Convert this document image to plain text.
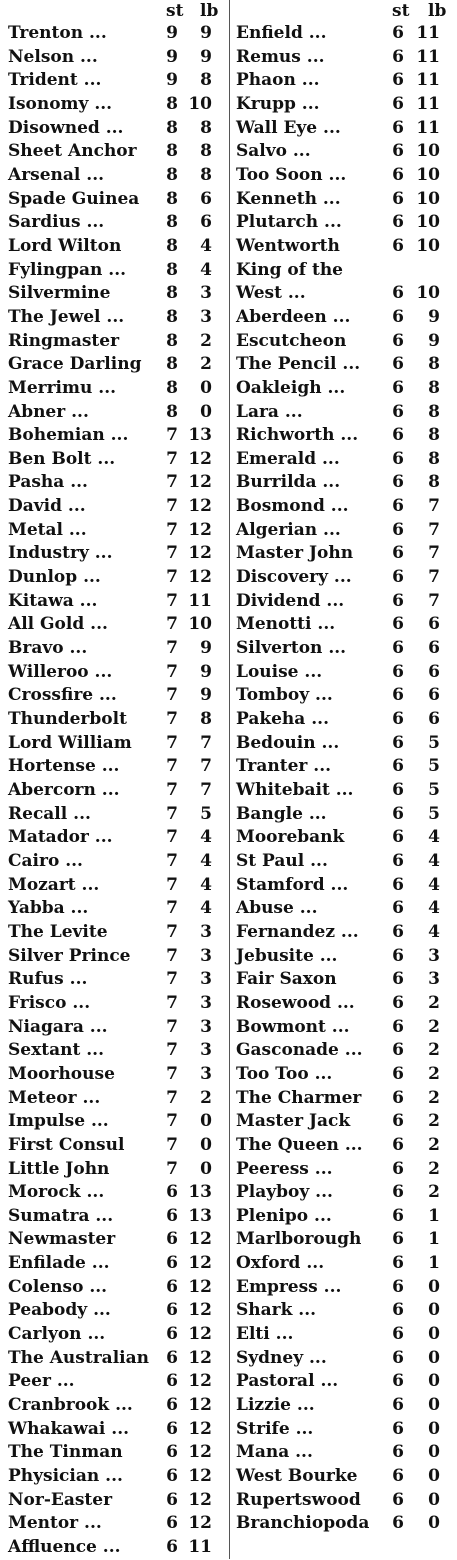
st lb
Trenton ...	9	9
Nelson ...	9	9
Trident ...	9	8
Isonomy ...	8 10
Disowned ...	8	8
Sheet Anchor 8	8
Arsenal ...	8	8
Spade Guinea 8	6
Sardius ...	8	6
Lord Wilton	8	4
Fylingpan ... 8	4
Silvermine	8	3
The Jewel ... 8	3
Ringmaster	8	2
Grace Darling 8	2
Merrimu ...	8	0
Abner ...	8	0
Bohemian ... 7 13
Ben Bolt ...	7 12
Pasha ...	7 12
David ...	7 12
Metal ...	7 12
Industry ...	7 12
Dunlop ...	7 12
Kitawa ...	7 11
All Gold ...	7 10
Bravo ...	7	9
Willeroo ...	7	9
Crossfire ...	7	9
Thunderbolt 7	8
Lord William 7	7
Hortense ...	7	7
Abercorn ...	7	7
Recall ...	7	5
Matador ...	7	4
Cairo ...	7	4
Mozart ...	7	4
Yabba ...	7	4
The Levite	7	3
Silver Prince 7	3
Rufus ...	7	3
Frisco ...	7	3
Niagara ...	7	3
Sextant ...	7	3
Moorhouse	7	3
Meteor ...	7	2
Impulse ...	7	0
First Consul 7	0
Little John	7	0
Morock ...	6 13
Sumatra ...	6 13
Newmaster	6 12
Enfilade ...	6 12
Colenso ...	6 12
Peabody ...	6 12
Carlyon ...	6 12
The Australian 6 12
Peer ...	6 12
Cranbrook ... 6 12
Whakawai ... 6 12
The Tinman	6 12
Physician ...	6 12
Nor-Easter	6 12
Mentor ...	6 12
Affluence ...	6 11
st lb
Enfield ...	6 11
Remus ...	6 11
Phaon ...	6 11
Krupp ...	6 11
Wall Eye ...	6 11
Salvo ...	6 10
Too Soon ...	6 10
Kenneth ...	6 10
Plutarch ...	6 10
Wentworth	6 10
King of the
West ...	6 10
Aberdeen ... 6	9
Escutcheon	6	9
The Pencil ... 6	8
Oakleigh ...	6	8
Lara ...	6	8
Richworth ... 6	8
Emerald ...	6	8
Burrilda ...	6	8
Bosmond ...	6	7
Algerian ...	6	7
Master John 6	7
Discovery ... 6	7
Dividend ...	6	7
Menotti ...	6	6
Silverton ...	6	6
Louise ...	6	6
Tomboy ...	6	6
Pakeha ...	6	6
Bedouin ...	6	5
Tranter ...	6	5
Whitebait ... 6	5
Bangle ...	6	5
Moorebank	6	4
St Paul ...	6	4
Stamford ...	6	4
Abuse ...	6	4
Fernandez ... 6	4
Jebusite ...	6	3
Fair Saxon	6	3
Rosewood ... 6	2
Bowmont ...	6	2
Gasconade ... 6	2
Too Too ...	6	2
The Charmer 6	2
Master Jack 6	2
The Queen ... 6	2
Peeress ...	6	2
Playboy ...	6	2
Plenipo ...	6	1
Marlborough 6	1
Oxford ...	6	1
Empress ...	6	0
Shark ...	6	0
Elti ...	6	0
Sydney ...	6	0
Pastoral ...	6	0
Lizzie ...	6	0
Strife ...	6	0
Mana ...	6	0
West Bourke 6	0
Rupertswood 6	0
Branchiopoda 6	0
